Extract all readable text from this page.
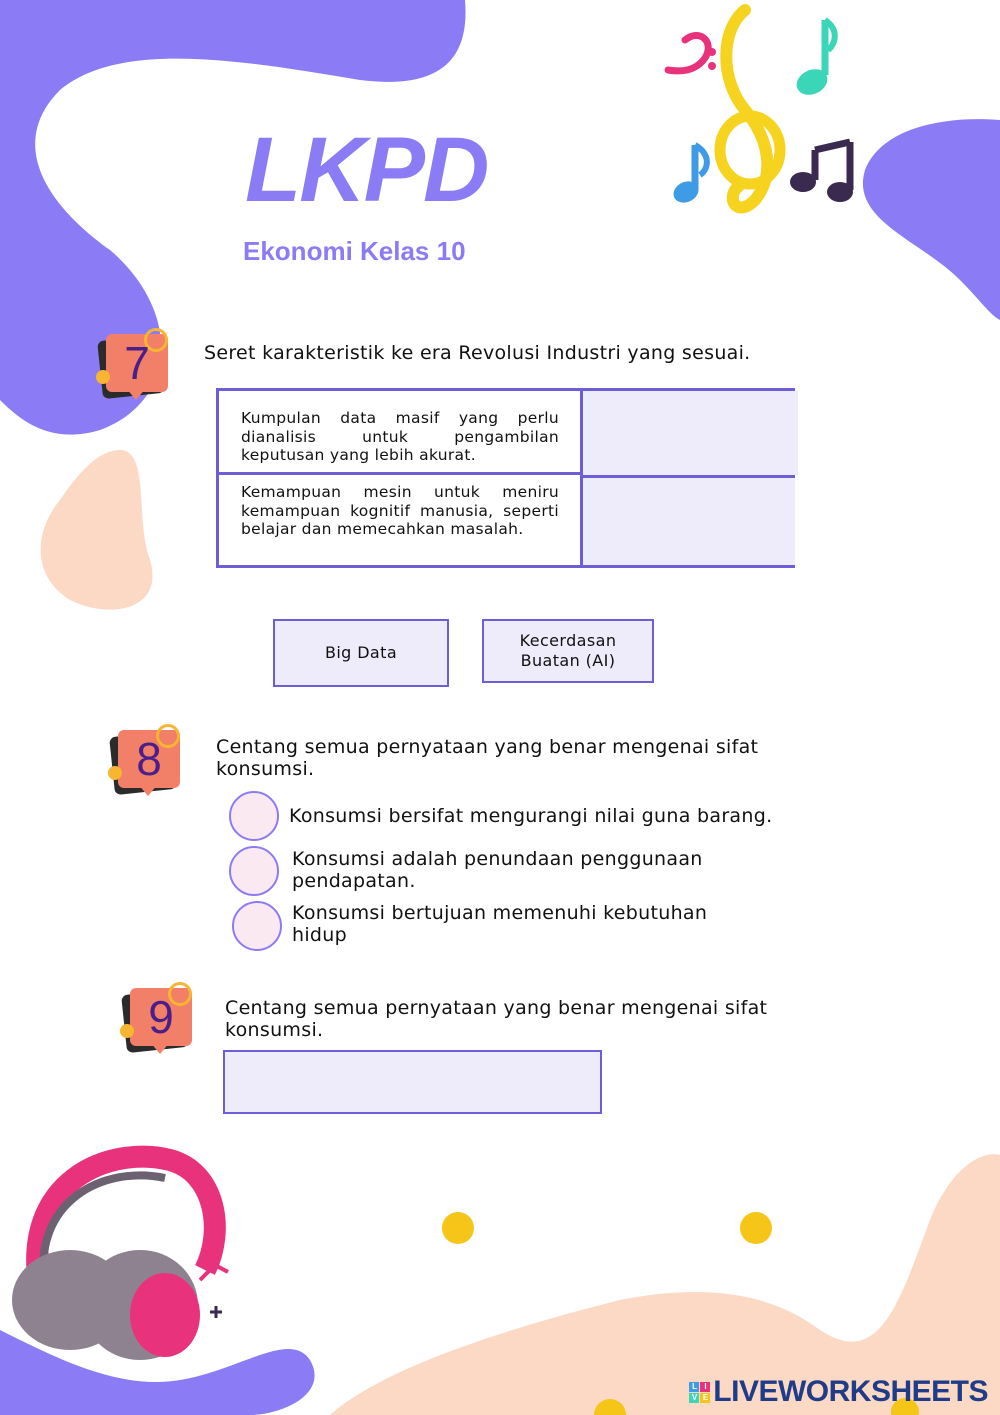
LKPD
Ekonomi Kelas 10
7	Seret karakteristik ke era Revolusi Industri yang sesuai.
Kumpulan data masif yang perlu dianalisis untuk pengambilan keputusan yang lebih akurat.
Kemampuan mesin untuk meniru kemampuan kognitif manusia, seperti belajar dan memecahkan masalah.
Big Data
Kecerdasan Buatan (AI)
8	Centang semua pernyataan yang benar mengenai sifat konsumsi.
Konsumsi bersifat mengurangi nilai guna barang.
Konsumsi adalah penundaan penggunaan pendapatan.
Konsumsi bertujuan memenuhi kebutuhan hidup
9	Centang semua pernyataan yang benar mengenai sifat konsumsi.
L I
V E LIVEWORKSHEETS
